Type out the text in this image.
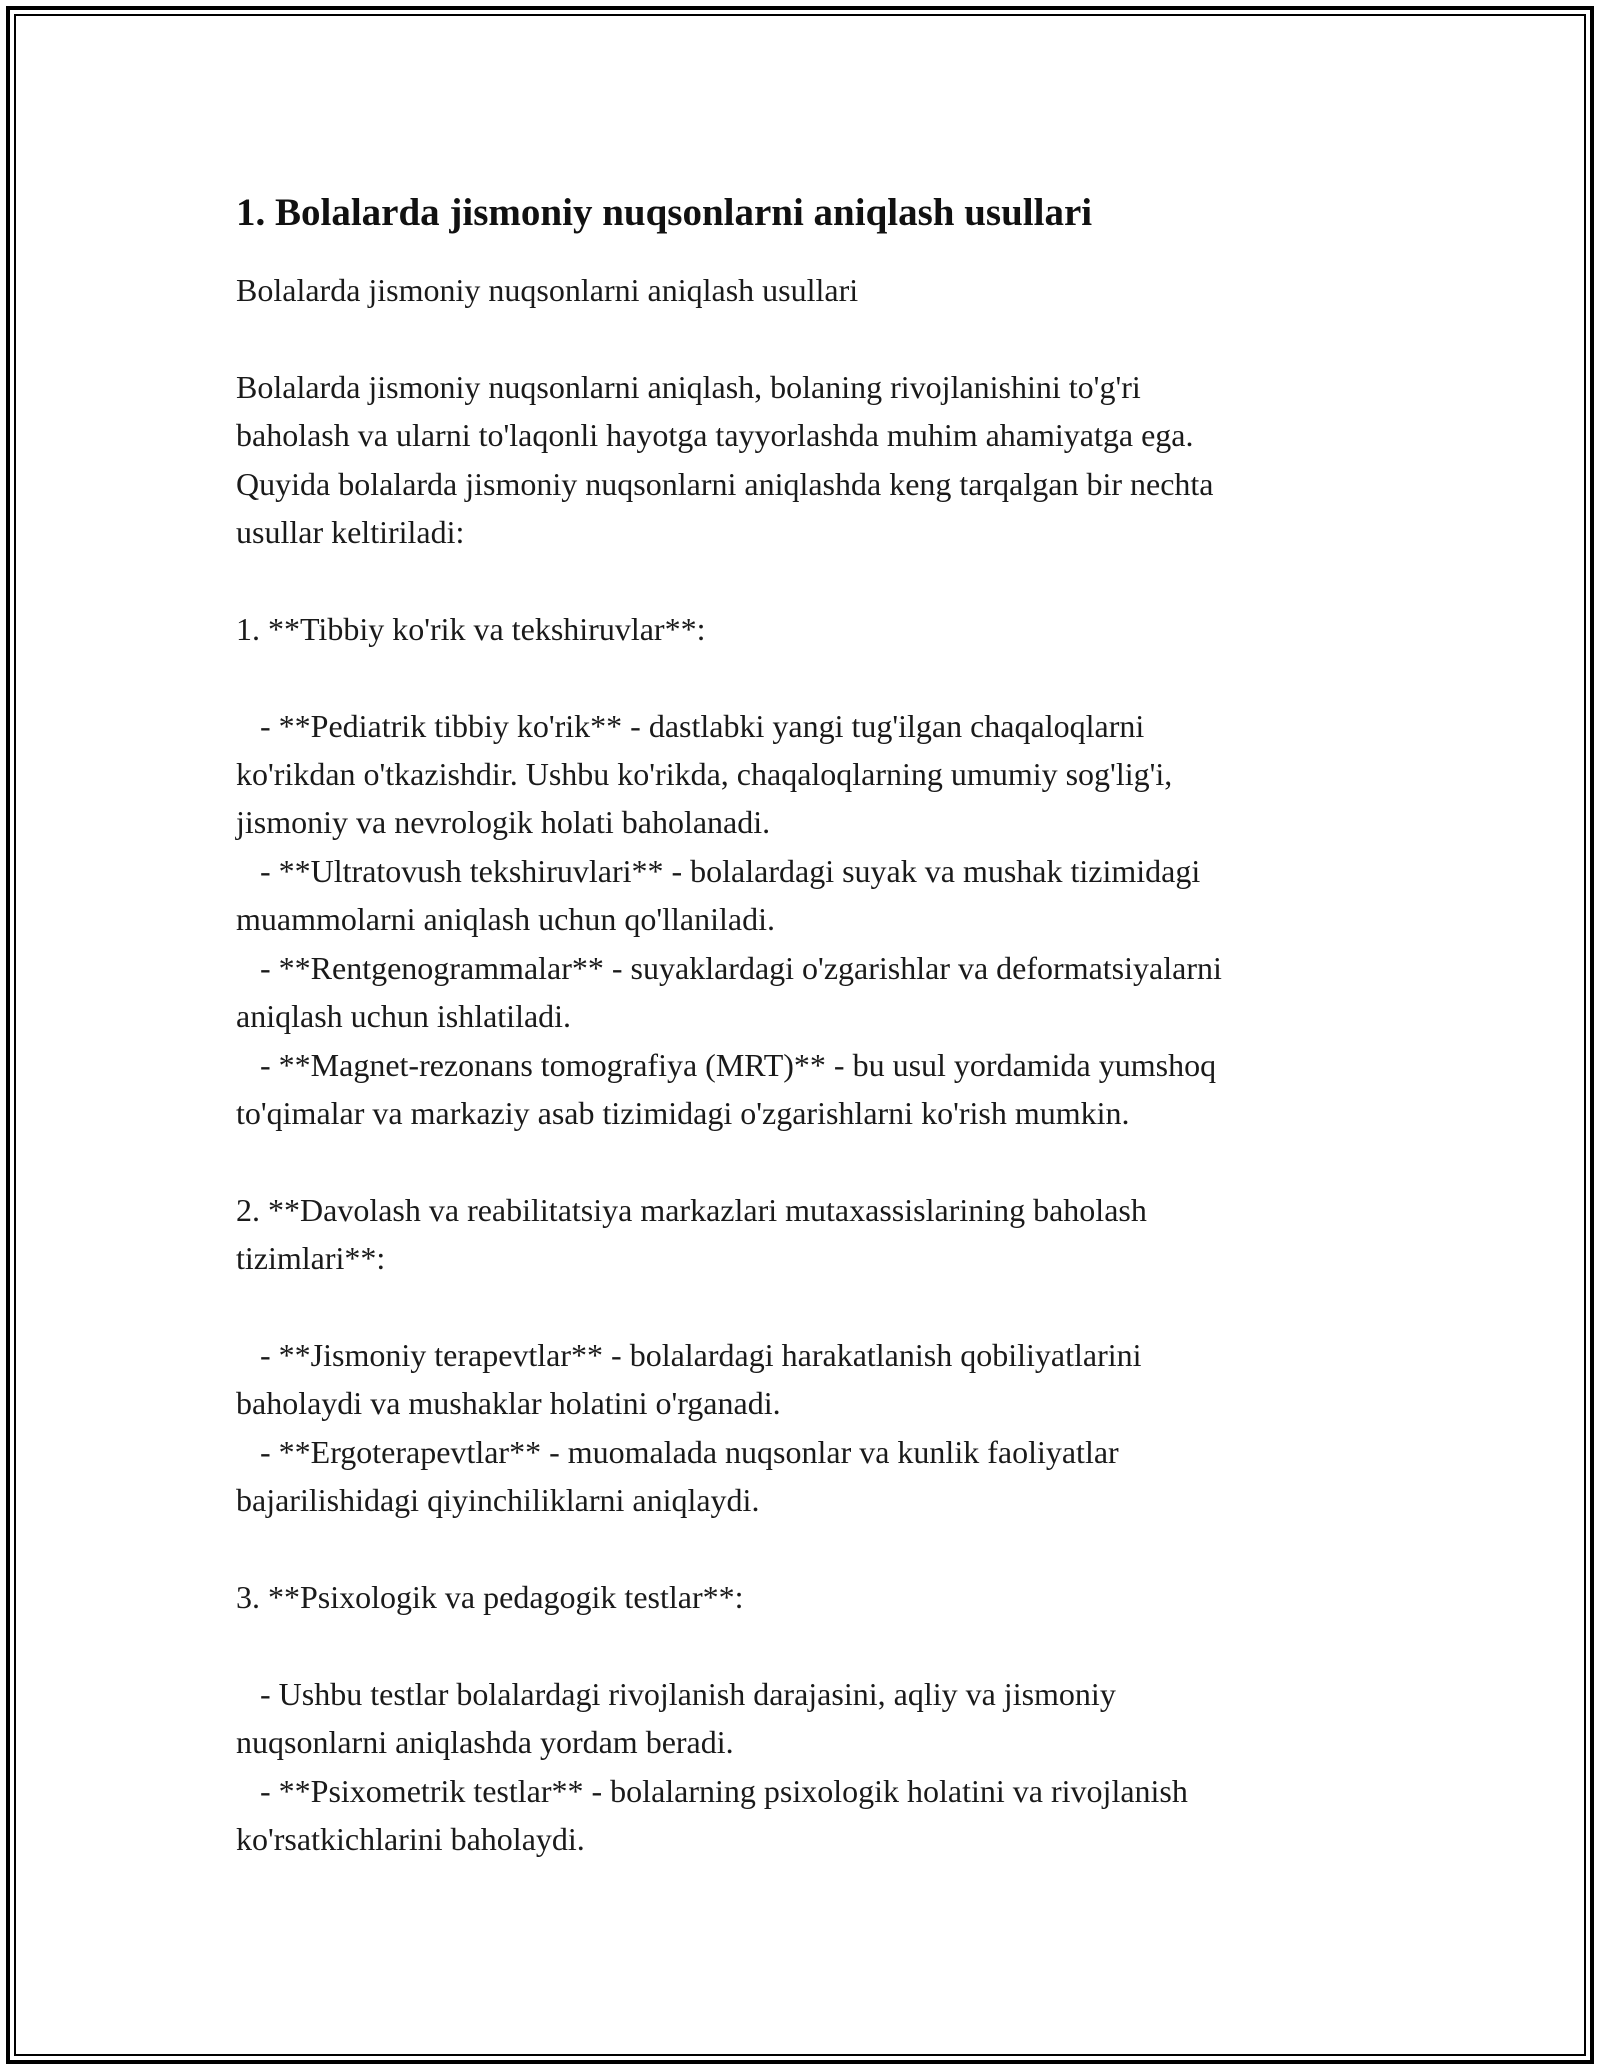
1. Bolalarda jismoniy nuqsonlarni aniqlash usullari

Bolalarda jismoniy nuqsonlarni aniqlash usullari

Bolalarda jismoniy nuqsonlarni aniqlash, bolaning rivojlanishini to'g'ri
baholash va ularni to'laqonli hayotga tayyorlashda muhim ahamiyatga ega.
Quyida bolalarda jismoniy nuqsonlarni aniqlashda keng tarqalgan bir nechta
usullar keltiriladi:

1. **Tibbiy ko'rik va tekshiruvlar**:

- **Pediatrik tibbiy ko'rik** - dastlabki yangi tug'ilgan chaqaloqlarni
ko'rikdan o'tkazishdir. Ushbu ko'rikda, chaqaloqlarning umumiy sog'lig'i,
jismoniy va nevrologik holati baholanadi.
- **Ultratovush tekshiruvlari** - bolalardagi suyak va mushak tizimidagi
muammolarni aniqlash uchun qo'llaniladi.
- **Rentgenogrammalar** - suyaklardagi o'zgarishlar va deformatsiyalarni
aniqlash uchun ishlatiladi.
- **Magnet-rezonans tomografiya (MRT)** - bu usul yordamida yumshoq
to'qimalar va markaziy asab tizimidagi o'zgarishlarni ko'rish mumkin.

2. **Davolash va reabilitatsiya markazlari mutaxassislarining baholash
tizimlari**:

- **Jismoniy terapevtlar** - bolalardagi harakatlanish qobiliyatlarini
baholaydi va mushaklar holatini o'rganadi.
- **Ergoterapevtlar** - muomalada nuqsonlar va kunlik faoliyatlar
bajarilishidagi qiyinchiliklarni aniqlaydi.

3. **Psixologik va pedagogik testlar**:

- Ushbu testlar bolalardagi rivojlanish darajasini, aqliy va jismoniy
nuqsonlarni aniqlashda yordam beradi.
- **Psixometrik testlar** - bolalarning psixologik holatini va rivojlanish
ko'rsatkichlarini baholaydi.
